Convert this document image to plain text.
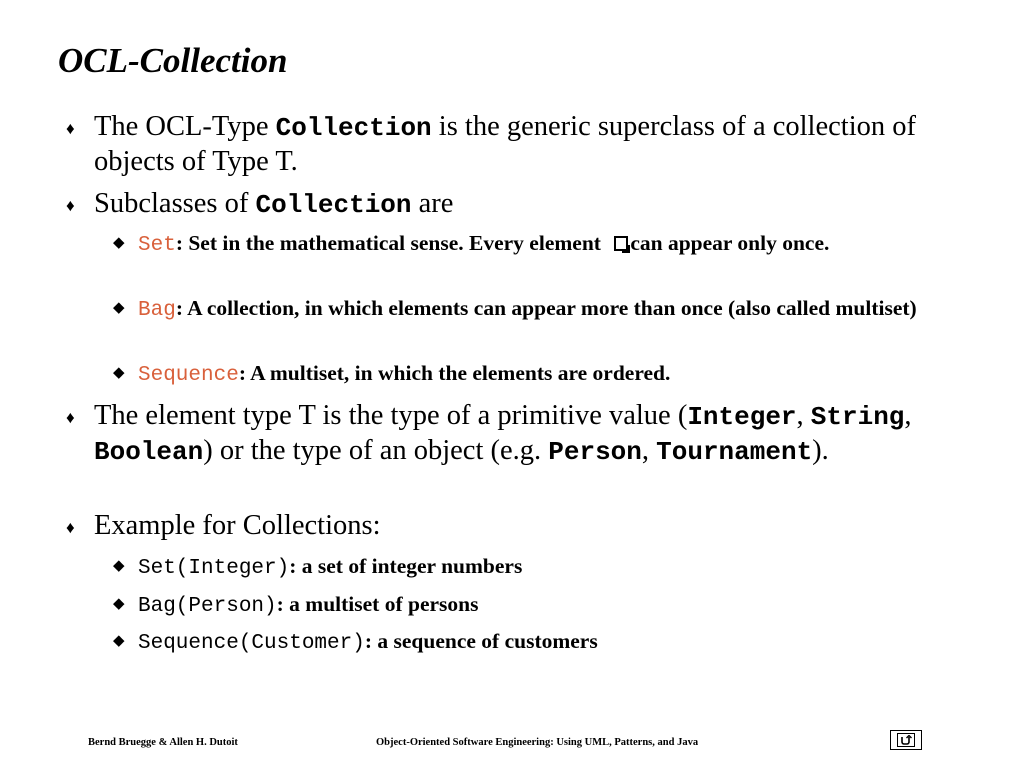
OCL-Collection
♦ The OCL-Type Collection is the generic superclass of a collection of objects of Type T.
♦ Subclasses of Collection are
◆ Set: Set in the mathematical sense. Every element can appear only once.
◆ Bag: A collection, in which elements can appear more than once (also called multiset)
◆ Sequence: A multiset, in which the elements are ordered.
♦ The element type T is the type of a primitive value (Integer, String, Boolean) or the type of an object (e.g. Person, Tournament).
♦ Example for Collections:
◆ Set(Integer): a set of integer numbers
◆ Bag(Person): a multiset of persons
◆ Sequence(Customer): a sequence of customers
Bernd Bruegge & Allen H. Dutoit	Object-Oriented Software Engineering: Using UML, Patterns, and Java
